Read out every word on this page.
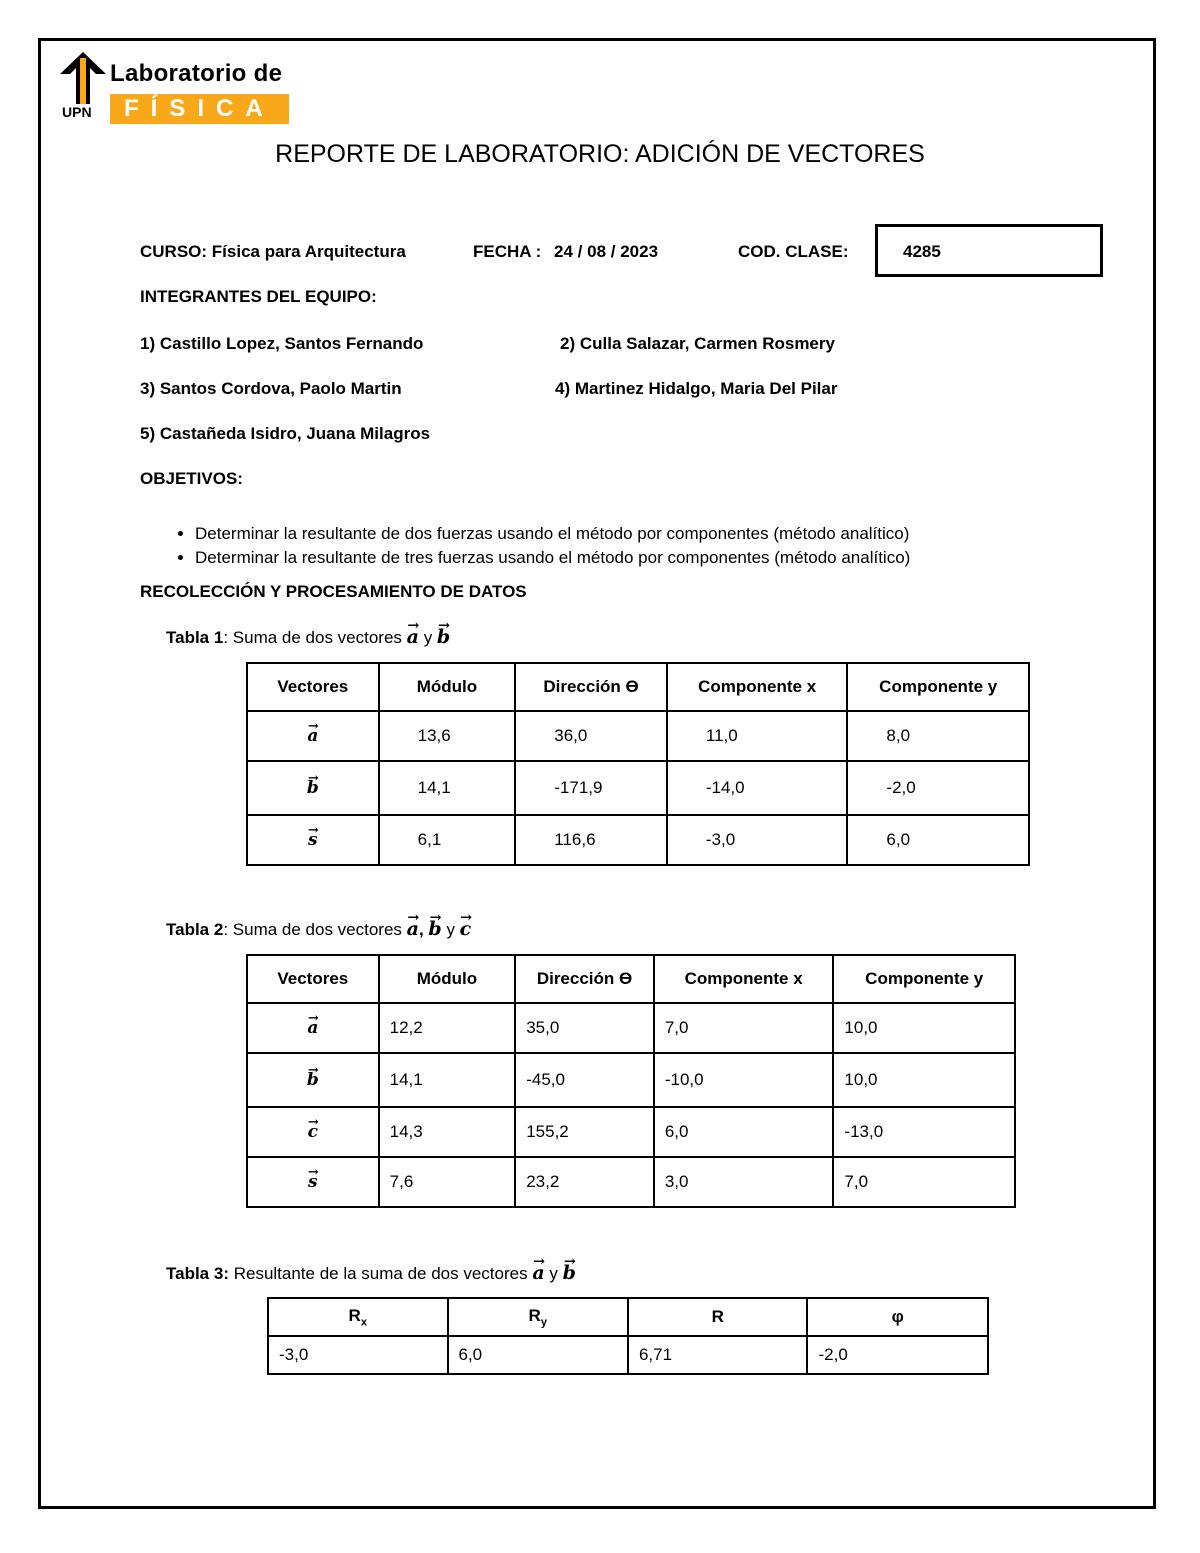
UPN
Laboratorio de
FÍSICA
REPORTE DE LABORATORIO: ADICIÓN DE VECTORES
CURSO: Física para Arquitectura	FECHA : 24 / 08 / 2023	COD. CLASE:	4285
INTEGRANTES DEL EQUIPO:
1) Castillo Lopez, Santos Fernando	2) Culla Salazar, Carmen Rosmery
3) Santos Cordova, Paolo Martin	4) Martinez Hidalgo, Maria Del Pilar
5) Castañeda Isidro, Juana Milagros
OBJETIVOS:
• Determinar la resultante de dos fuerzas usando el método por componentes (método analítico)
• Determinar la resultante de tres fuerzas usando el método por componentes (método analítico)
RECOLECCIÓN Y PROCESAMIENTO DE DATOS
Tabla 1: Suma de dos vectores → a y → b
Vectores	Módulo	Dirección ϴ	Componente x	Componente y
→ a	13,6	36,0	11,0	8,0
→ b	14,1	-171,9	-14,0	-2,0
→ s	6,1	116,6	-3,0	6,0
Tabla 2: Suma de dos vectores → a, → b y → c
Vectores	Módulo	Dirección ϴ	Componente x	Componente y
→ a	12,2	35,0	7,0	10,0
→ b	14,1	-45,0	-10,0	10,0
→ c	14,3	155,2	6,0	-13,0
→ s	7,6	23,2	3,0	7,0
Tabla 3: Resultante de la suma de dos vectores → a y → b
$R_x$	$R_y$	R	φ
-3,0	6,0	6,71	-2,0
